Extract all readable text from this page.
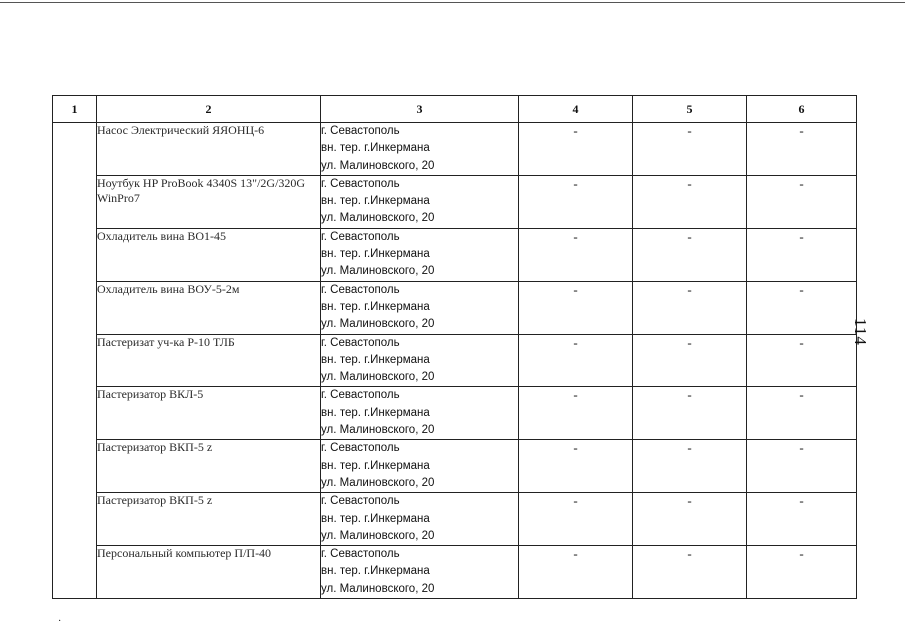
1	2	3	4	5	6
	Насос Электрический ЯЯОНЦ-6	г. Севастополь
вн. тер. г.Инкермана
ул. Малиновского, 20	-	-	-
	Ноутбук HP ProBook 4340S 13"/2G/320G WinPro7	г. Севастополь
вн. тер. г.Инкермана
ул. Малиновского, 20	-	-	-
	Охладитель вина ВО1-45	г. Севастополь
вн. тер. г.Инкермана
ул. Малиновского, 20	-	-	-
	Охладитель вина ВОУ-5-2м	г. Севастополь
вн. тер. г.Инкермана
ул. Малиновского, 20	-	-	-
	Пастеризат уч-ка Р-10 ТЛБ	г. Севастополь
вн. тер. г.Инкермана
ул. Малиновского, 20	-	-	-
	Пастеризатор ВКЛ-5	г. Севастополь
вн. тер. г.Инкермана
ул. Малиновского, 20	-	-	-
	Пастеризатор ВКП-5 z	г. Севастополь
вн. тер. г.Инкермана
ул. Малиновского, 20	-	-	-
	Пастеризатор ВКП-5 z	г. Севастополь
вн. тер. г.Инкермана
ул. Малиновского, 20	-	-	-
	Персональный компьютер П/П-40	г. Севастополь
вн. тер. г.Инкермана
ул. Малиновского, 20	-	-	-
114
·
